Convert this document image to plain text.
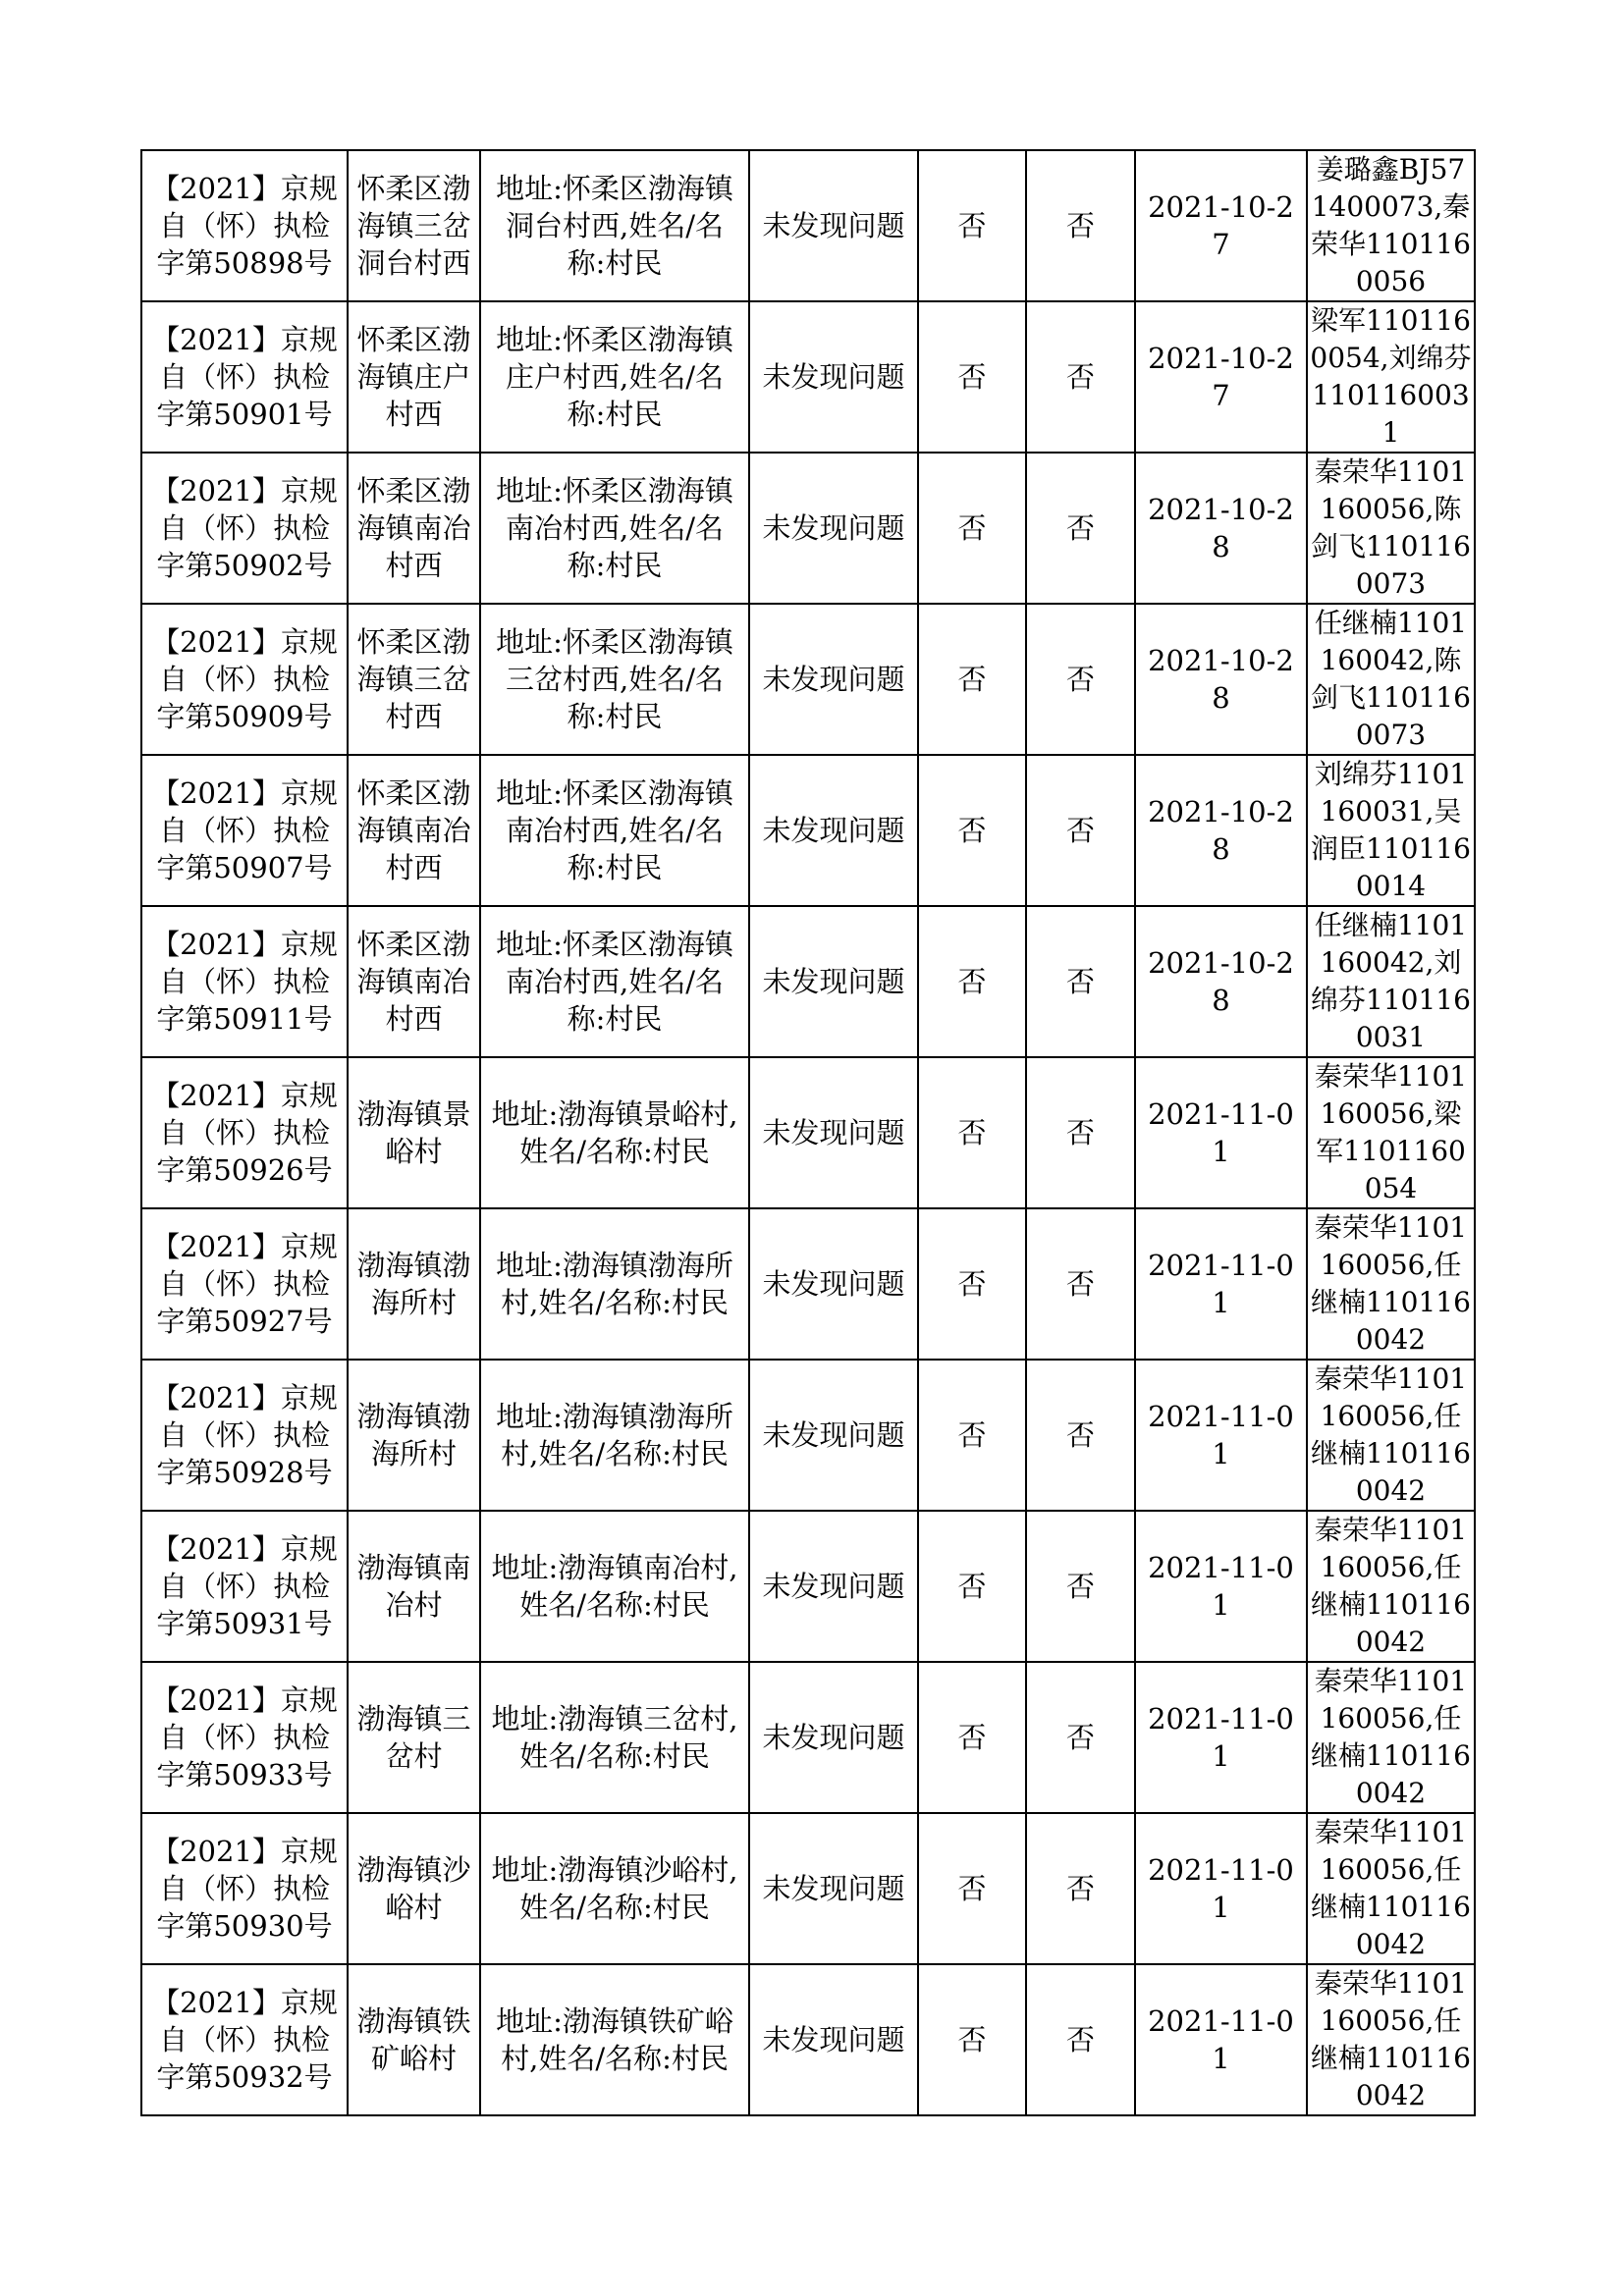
【2021】京规自（怀）执检字第50898号	怀柔区渤海镇三岔洞台村西	地址:怀柔区渤海镇洞台村西,姓名/名称:村民	未发现问题	否	否	2021-10-27	姜璐鑫BJ571400073,秦荣华1101160056
【2021】京规自（怀）执检字第50901号	怀柔区渤海镇庄户村西	地址:怀柔区渤海镇庄户村西,姓名/名称:村民	未发现问题	否	否	2021-10-27	梁军1101160054,刘绵芬1101160031
【2021】京规自（怀）执检字第50902号	怀柔区渤海镇南冶村西	地址:怀柔区渤海镇南冶村西,姓名/名称:村民	未发现问题	否	否	2021-10-28	秦荣华1101160056,陈剑飞1101160073
【2021】京规自（怀）执检字第50909号	怀柔区渤海镇三岔村西	地址:怀柔区渤海镇三岔村西,姓名/名称:村民	未发现问题	否	否	2021-10-28	任继楠1101160042,陈剑飞1101160073
【2021】京规自（怀）执检字第50907号	怀柔区渤海镇南冶村西	地址:怀柔区渤海镇南冶村西,姓名/名称:村民	未发现问题	否	否	2021-10-28	刘绵芬1101160031,吴润臣1101160014
【2021】京规自（怀）执检字第50911号	怀柔区渤海镇南冶村西	地址:怀柔区渤海镇南冶村西,姓名/名称:村民	未发现问题	否	否	2021-10-28	任继楠1101160042,刘绵芬1101160031
【2021】京规自（怀）执检字第50926号	渤海镇景峪村	地址:渤海镇景峪村,姓名/名称:村民	未发现问题	否	否	2021-11-01	秦荣华1101160056,梁军1101160054
【2021】京规自（怀）执检字第50927号	渤海镇渤海所村	地址:渤海镇渤海所村,姓名/名称:村民	未发现问题	否	否	2021-11-01	秦荣华1101160056,任继楠1101160042
【2021】京规自（怀）执检字第50928号	渤海镇渤海所村	地址:渤海镇渤海所村,姓名/名称:村民	未发现问题	否	否	2021-11-01	秦荣华1101160056,任继楠1101160042
【2021】京规自（怀）执检字第50931号	渤海镇南冶村	地址:渤海镇南冶村,姓名/名称:村民	未发现问题	否	否	2021-11-01	秦荣华1101160056,任继楠1101160042
【2021】京规自（怀）执检字第50933号	渤海镇三岔村	地址:渤海镇三岔村,姓名/名称:村民	未发现问题	否	否	2021-11-01	秦荣华1101160056,任继楠1101160042
【2021】京规自（怀）执检字第50930号	渤海镇沙峪村	地址:渤海镇沙峪村,姓名/名称:村民	未发现问题	否	否	2021-11-01	秦荣华1101160056,任继楠1101160042
【2021】京规自（怀）执检字第50932号	渤海镇铁矿峪村	地址:渤海镇铁矿峪村,姓名/名称:村民	未发现问题	否	否	2021-11-01	秦荣华1101160056,任继楠1101160042
